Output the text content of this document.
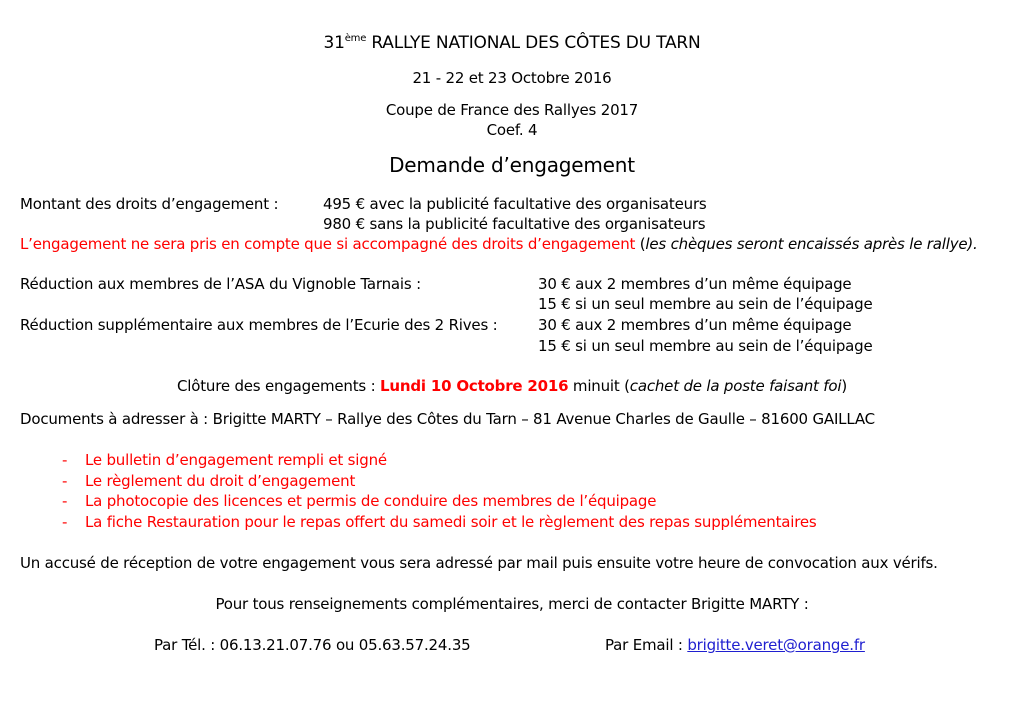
31ème RALLYE NATIONAL DES CÔTES DU TARN
21 - 22 et 23 Octobre 2016
Coupe de France des Rallyes 2017
Coef. 4
Demande d’engagement
Montant des droits d’engagement :	495 € avec la publicité facultative des organisateurs
980 € sans la publicité facultative des organisateurs
L’engagement ne sera pris en compte que si accompagné des droits d’engagement (les chèques seront encaissés après le rallye).
Réduction aux membres de l’ASA du Vignoble Tarnais :	30 € aux 2 membres d’un même équipage
15 € si un seul membre au sein de l’équipage
Réduction supplémentaire aux membres de l’Ecurie des 2 Rives :	30 € aux 2 membres d’un même équipage
15 € si un seul membre au sein de l’équipage
Clôture des engagements : Lundi 10 Octobre 2016 minuit (cachet de la poste faisant foi)
Documents à adresser à : Brigitte MARTY – Rallye des Côtes du Tarn – 81 Avenue Charles de Gaulle – 81600 GAILLAC
- Le bulletin d’engagement rempli et signé
- Le règlement du droit d’engagement
- La photocopie des licences et permis de conduire des membres de l’équipage
- La fiche Restauration pour le repas offert du samedi soir et le règlement des repas supplémentaires
Un accusé de réception de votre engagement vous sera adressé par mail puis ensuite votre heure de convocation aux vérifs.
Pour tous renseignements complémentaires, merci de contacter Brigitte MARTY :
Par Tél. : 06.13.21.07.76 ou 05.63.57.24.35	Par Email : brigitte.veret@orange.fr
